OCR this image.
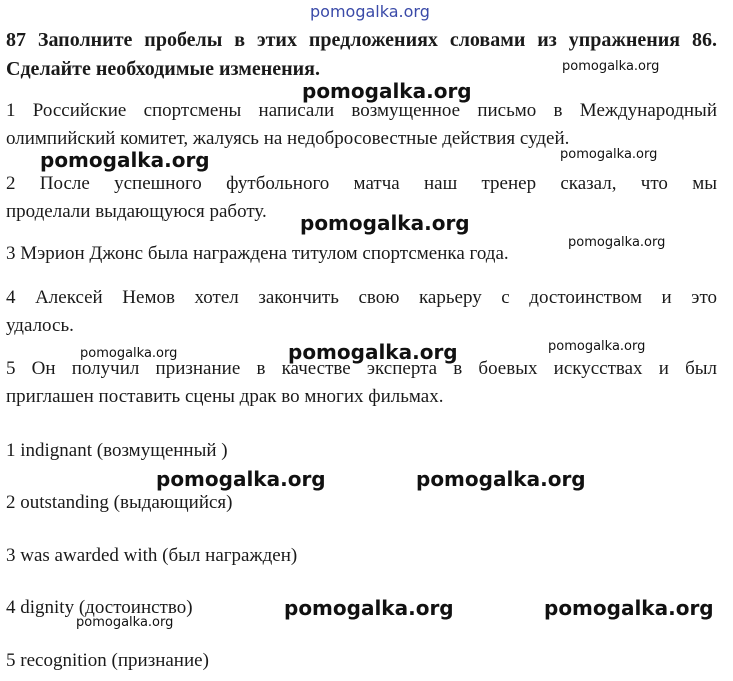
pomogalka.org
87 Заполните пробелы в этих предложениях словами из упражнения 86.
Сделайте необходимые изменения.	pomogalka.org
pomogalka.org
1 Российские спортсмены написали возмущенное письмо в Международный
олимпийский комитет, жалуясь на недобросовестные действия судей.
pomogalka.org	pomogalka.org
2 После успешного футбольного матча наш тренер сказал, что мы
проделали выдающуюся работу. pomogalka.org
pomogalka.org
3 Мэрион Джонс была награждена титулом спортсменка года.
4 Алексей Немов хотел закончить свою карьеру с достоинством и это
удалось.
pomogalka.org	pomogalka.org	pomogalka.org
5 Он получил признание в качестве эксперта в боевых искусствах и был
приглашен поставить сцены драк во многих фильмах.
1 indignant (возмущенный )
pomogalka.org	pomogalka.org
2 outstanding (выдающийся)
3 was awarded with (был награжден)
4 dignity (достоинство)	pomogalka.org	pomogalka.org
pomogalka.org
5 recognition (признание)
